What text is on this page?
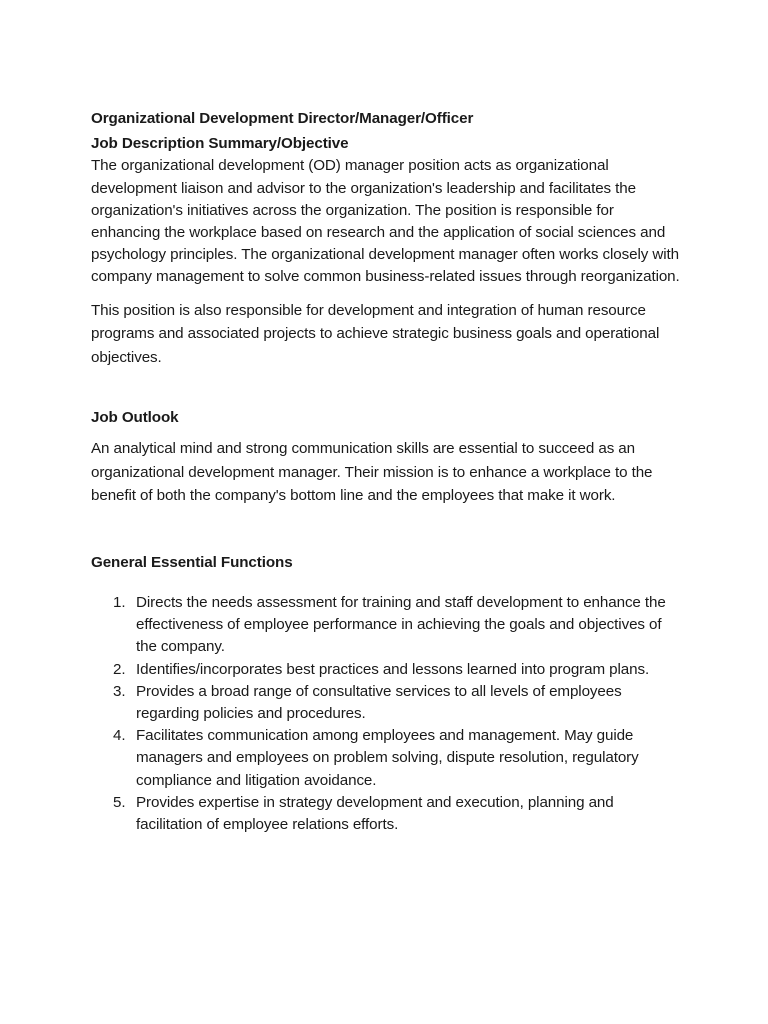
Organizational Development Director/Manager/Officer

Job Description Summary/Objective

The organizational development (OD) manager position acts as organizational development liaison and advisor to the organization's leadership and facilitates the organization's initiatives across the organization. The position is responsible for enhancing the workplace based on research and the application of social sciences and psychology principles. The organizational development manager often works closely with company management to solve common business-related issues through reorganization.

This position is also responsible for development and integration of human resource programs and associated projects to achieve strategic business goals and operational objectives.

Job Outlook

An analytical mind and strong communication skills are essential to succeed as an organizational development manager. Their mission is to enhance a workplace to the benefit of both the company's bottom line and the employees that make it work.

General Essential Functions

1. Directs the needs assessment for training and staff development to enhance the effectiveness of employee performance in achieving the goals and objectives of the company.
2. Identifies/incorporates best practices and lessons learned into program plans.
3. Provides a broad range of consultative services to all levels of employees regarding policies and procedures.
4. Facilitates communication among employees and management. May guide managers and employees on problem solving, dispute resolution, regulatory compliance and litigation avoidance.
5. Provides expertise in strategy development and execution, planning and facilitation of employee relations efforts.
